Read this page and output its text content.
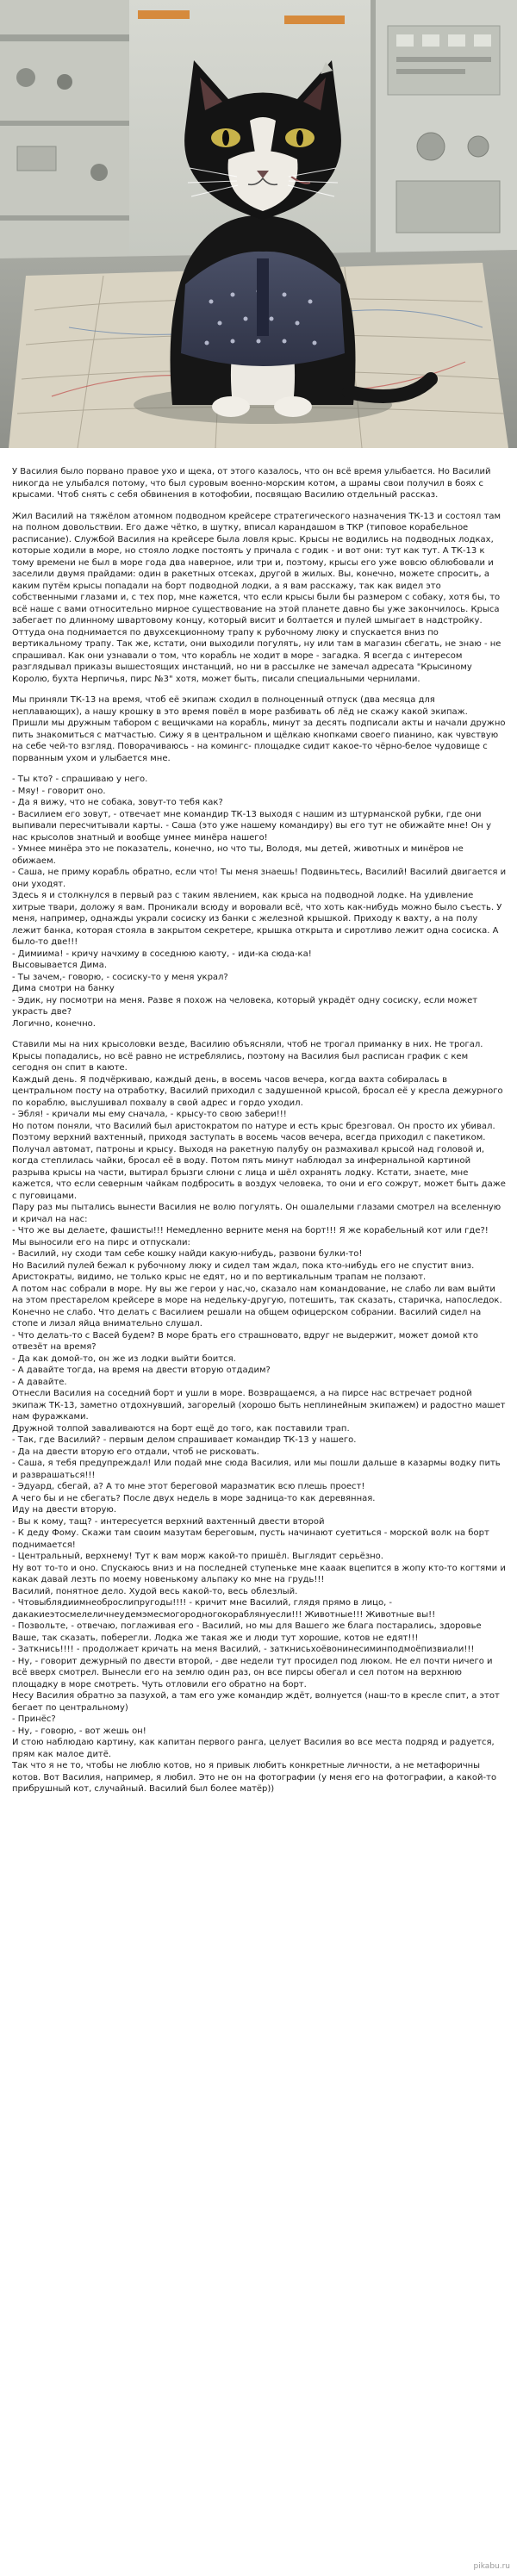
У Василия было порвано правое ухо и щека, от этого казалось, что он всё время улыбается. Но Василий никогда не улыбался потому, что был суровым военно-морским котом, а шрамы свои получил в боях с крысами. Чтоб снять с себя обвинения в котофобии, посвящаю Василию отдельный рассказ.

Жил Василий на тяжёлом атомном подводном крейсере стратегического назначения ТК-13 и состоял там на полном довольствии. Его даже чётко, в шутку, вписал карандашом в ТКР (типовое корабельное расписание). Службой Василия на крейсере была ловля крыс. Крысы не водились на подводных лодках, которые ходили в море, но стояло лодке постоять у причала с годик - и вот они: тут как тут. А ТК-13 к тому времени не был в море года два наверное, или три и, поэтому, крысы его уже вовсю облюбовали и заселили двумя прайдами: один в ракетных отсеках, другой в жилых. Вы, конечно, можете спросить, а каким путём крысы попадали на борт подводной лодки, а я вам расскажу, так как видел это собственными глазами и, с тех пор, мне кажется, что если крысы были бы размером с собаку, хотя бы, то всё наше с вами относительно мирное существование на этой планете давно бы уже закончилось. Крыса забегает по длинному швартовому концу, который висит и болтается и пулей шмыгает в надстройку. Оттуда она поднимается по двухсекционному трапу к рубочному люку и спускается вниз по вертикальному трапу. Так же, кстати, они выходили погулять, ну или там в магазин сбегать, не знаю - не спрашивал. Как они узнавали о том, что корабль не ходит в море - загадка. Я всегда с интересом разглядывал приказы вышестоящих инстанций, но ни в рассылке не замечал адресата "Крысиному Королю, бухта Нерпичья, пирс №3" хотя, может быть, писали специальными чернилами.

Мы приняли ТК-13 на время, чтоб её экипаж сходил в полноценный отпуск (два месяца для неплавающих), а нашу крошку в это время повёл в море разбивать об лёд не скажу какой экипаж. Пришли мы дружным табором с вещичками на корабль, минут за десять подписали акты и начали дружно пить знакомиться с матчастью. Сижу я в центральном и щёлкаю кнопками своего пианино, как чувствую на себе чей-то взгляд. Поворачиваюсь - на комингс- площадке сидит какое-то чёрно-белое чудовище с порванным ухом и улыбается мне.

- Ты кто? - спрашиваю у него.
- Мяу! - говорит оно.
- Да я вижу, что не собака, зовут-то тебя как?
- Василием его зовут, - отвечает мне командир ТК-13 выходя с нашим из штурманской рубки, где они выпивали пересчитывали карты. - Саша (это уже нашему командиру) вы его тут не обижайте мне! Он у нас крысолов знатный и вообще умнее минёра нашего!
- Умнее минёра это не показатель, конечно, но что ты, Володя, мы детей, животных и минёров не обижаем.
- Саша, не приму корабль обратно, если что! Ты меня знаешь! Подвиньтесь, Василий! Василий двигается и они уходят.
Здесь я и столкнулся в первый раз с таким явлением, как крыса на подводной лодке. На удивление хитрые твари, доложу я вам. Проникали всюду и воровали всё, что хоть как-нибудь можно было съесть. У меня, например, однажды украли сосиску из банки с железной крышкой. Приходу к вахту, а на полу лежит банка, которая стояла в закрытом секретере, крышка открыта и сиротливо лежит одна сосиска. А было-то две!!!
- Димиима! - кричу начхиму в соседнюю каюту, - иди-ка сюда-ка!
Высовывается Дима.
- Ты зачем,- говорю, - сосиску-то у меня украл?
Дима смотри на банку
- Эдик, ну посмотри на меня. Разве я похож на человека, который украдёт одну сосиску, если может украсть две?
Логично, конечно.

Ставили мы на них крысоловки везде, Василию объясняли, чтоб не трогал приманку в них. Не трогал. Крысы попадались, но всё равно не истреблялись, поэтому на Василия был расписан график с кем сегодня он спит в каюте.
Каждый день. Я подчёркиваю, каждый день, в восемь часов вечера, когда вахта собиралась в центральном посту на отработку, Василий приходил с задушенной крысой, бросал её у кресла дежурного по кораблю, выслушивал похвалу в свой адрес и гордо уходил.
- Эбля! - кричали мы ему сначала, - крысу-то свою забери!!!
Но потом поняли, что Василий был аристократом по натуре и есть крыс брезговал. Он просто их убивал. Поэтому верхний вахтенный, приходя заступать в восемь часов вечера, всегда приходил с пакетиком. Получал автомат, патроны и крысу. Выходя на ракетную палубу он размахивал крысой над головой и, когда степлилась чайки, бросал её в воду. Потом пять минут наблюдал за инфернальной картиной разрыва крысы на части, вытирал брызги слюни с лица и шёл охранять лодку. Кстати, знаете, мне кажется, что если северным чайкам подбросить в воздух человека, то они и его сожрут, может быть даже с пуговицами.
Пару раз мы пытались вынести Василия не волю погулять. Он ошалелыми глазами смотрел на вселенную и кричал на нас:
- Что же вы делаете, фашисты!!! Немедленно верните меня на борт!!! Я же корабельный кот или где?!
Мы выносили его на пирс и отпускали:
- Василий, ну сходи там себе кошку найди какую-нибудь, развони булки-то!
Но Василий пулей бежал к рубочному люку и сидел там ждал, пока кто-нибудь его не спустит вниз. Аристократы, видимо, не только крыс не едят, но и по вертикальным трапам не ползают.
А потом нас собрали в море. Ну вы же герои у нас,чо, сказало нам командование, не слабо ли вам выйти на этом престарелом крейсере в море на недельку-другую, потешить, так сказать, старичка, напоследок. Конечно не слабо. Что делать с Василием решали на общем офицерском собрании. Василий сидел на стопе и лизал яйца внимательно слушал.
- Что делать-то с Васей будем? В море брать его страшновато, вдруг не выдержит, может домой кто отвезёт на время?
- Да как домой-то, он же из лодки выйти боится.
- А давайте тогда, на время на двести вторую отдадим?
- А давайте.
Отнесли Василия на соседний борт и ушли в море. Возвращаемся, а на пирсе нас встречает родной экипаж ТК-13, заметно отдохнувший, загорелый (хорошо быть неплинейным экипажем) и радостно машет нам фуражками.
Дружной толпой заваливаются на борт ещё до того, как поставили трап.
- Так, где Василий? - первым делом спрашивает командир ТК-13 у нашего.
- Да на двести вторую его отдали, чтоб не рисковать.
- Саша, я тебя предупреждал! Или подай мне сюда Василия, или мы пошли дальше в казармы водку пить и разврашаться!!!
- Эдуард, сбегай, а? А то мне этот береговой маразматик всю плешь проест!
А чего бы и не сбегать? После двух недель в море задница-то как деревянная.
Иду на двести вторую.
- Вы к кому, тащ? - интересуется верхний вахтенный двести второй
- К деду Фому. Скажи там своим мазутам береговым, пусть начинают суетиться - морской волк на борт поднимается!
- Центральный, верхнему! Тут к вам морж какой-то пришёл. Выглядит серьёзно.
Ну вот то-то и оно. Спускаюсь вниз и на последней ступеньке мне кааак вцепится в жопу кто-то когтями и какак давай лезть по моему новенькому альпаку ко мне на грудь!!!
Василий, понятное дело. Худой весь какой-то, весь облезлый.
- Чтовыблядиимнеоброслипругоды!!!! - кричит мне Василий, глядя прямо в лицо, - дакакиеэтосмелеличнеудемэмесмогородногокораблянуесли!!! Животные!!! Животные вы!!
- Позвольте, - отвечаю, поглаживая его - Василий, но мы для Вашего же блага постарались, здоровье Ваше, так сказать, поберегли. Лодка же такая же и люди тут хорошие, котов не едят!!!
- Заткнись!!!! - продолжает кричать на меня Василий, - заткнисьхоёвонинесиминподмоёпизвиали!!!
- Ну, - говорит дежурный по двести второй, - две недели тут просидел под люком. Не ел почти ничего и всё вверх смотрел. Вынесли его на землю один раз, он все пирсы обегал и сел потом на верхнюю площадку в море смотреть. Чуть отловили его обратно на борт.
Несу Василия обратно за пазухой, а там его уже командир ждёт, волнуется (наш-то в кресле спит, а этот бегает по центральному)
- Принёс?
- Ну, - говорю, - вот жешь он!
И стою наблюдаю картину, как капитан первого ранга, целует Василия во все места подряд и радуется, прям как малое дитё.
Так что я не то, чтобы не люблю котов, но я привык любить конкретные личности, а не метафоричны котов. Вот Василия, например, я любил. Это не он на фотографии (у меня его на фотографии, а какой-то прибрушный кот, случайный. Василий был более матёр))

pikabu.ru
